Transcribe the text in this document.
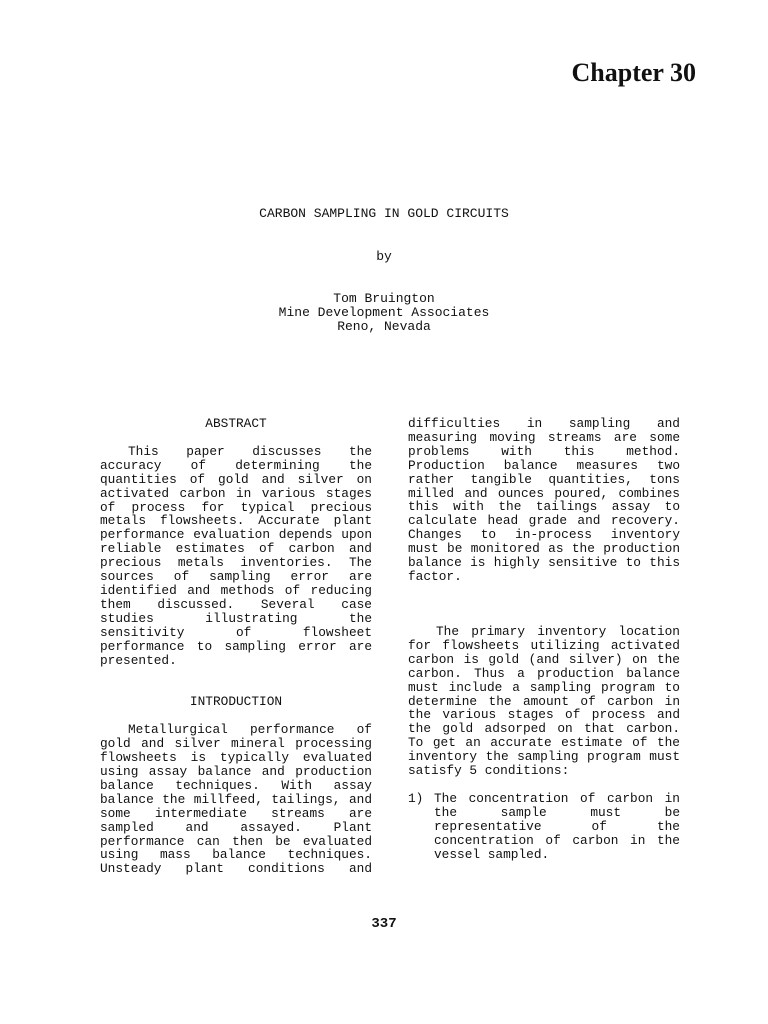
Chapter 30

CARBON SAMPLING IN GOLD CIRCUITS

by

Tom Bruington

Mine Development Associates

Reno, Nevada

ABSTRACT

This paper discusses the accuracy of determining the quantities of gold and silver on activated carbon in various stages of process for typical precious metals flowsheets. Accurate plant performance evaluation depends upon reliable estimates of carbon and precious metals inventories. The sources of sampling error are identified and methods of reducing them discussed. Several case studies illustrating the sensitivity of flowsheet performance to sampling error are presented.

INTRODUCTION

Metallurgical performance of gold and silver mineral processing flowsheets is typically evaluated using assay balance and production balance techniques. With assay balance the millfeed, tailings, and some intermediate streams are sampled and assayed. Plant performance can then be evaluated using mass balance techniques. Unsteady plant conditions and

difficulties in sampling and measuring moving streams are some problems with this method. Production balance measures two rather tangible quantities, tons milled and ounces poured, combines this with the tailings assay to calculate head grade and recovery. Changes to in-process inventory must be monitored as the production balance is highly sensitive to this factor.

The primary inventory location for flowsheets utilizing activated carbon is gold (and silver) on the carbon. Thus a production balance must include a sampling program to determine the amount of carbon in the various stages of process and the gold adsorped on that carbon. To get an accurate estimate of the inventory the sampling program must satisfy 5 conditions:

1) The concentration of carbon in the sample must be representative of the concentration of carbon in the vessel sampled.

337
